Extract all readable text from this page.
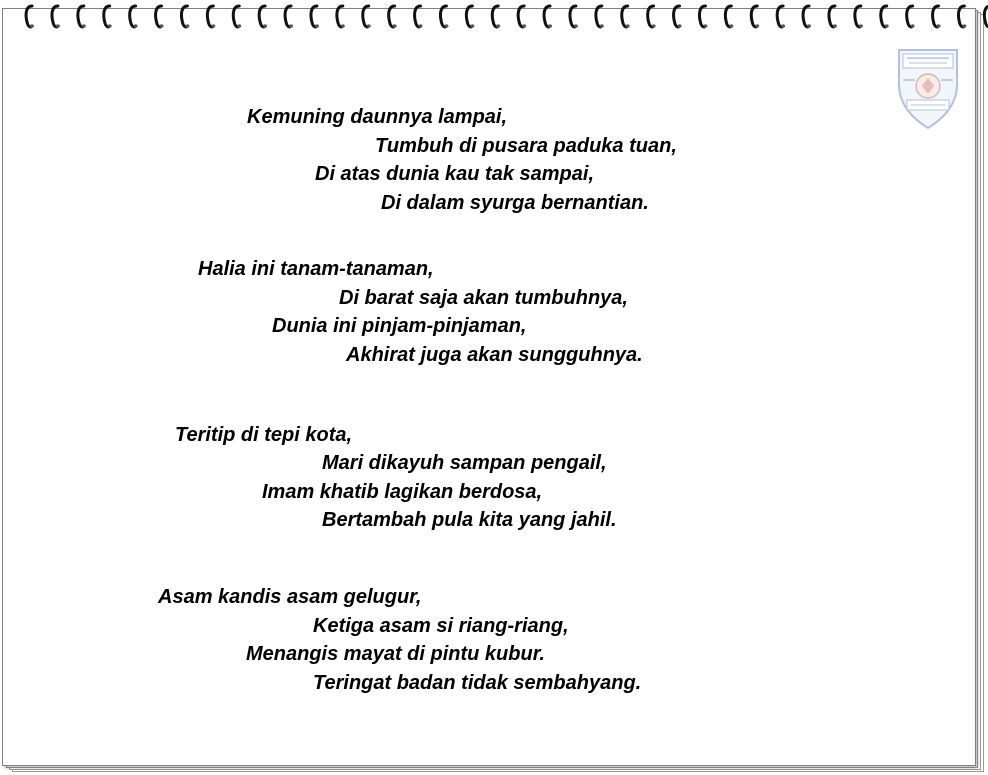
Kemuning daunnya lampai,

Tumbuh di pusara paduka tuan,

Di atas dunia kau tak sampai,

Di dalam syurga bernantian.

Halia ini tanam-tanaman,

Di barat saja akan tumbuhnya,

Dunia ini pinjam-pinjaman,

Akhirat juga akan sungguhnya.

Teritip di tepi kota,

Mari dikayuh sampan pengail,

Imam khatib lagikan berdosa,

Bertambah pula kita yang jahil.

Asam kandis asam gelugur,

Ketiga asam si riang-riang,

Menangis mayat di pintu kubur.

Teringat badan tidak sembahyang.
